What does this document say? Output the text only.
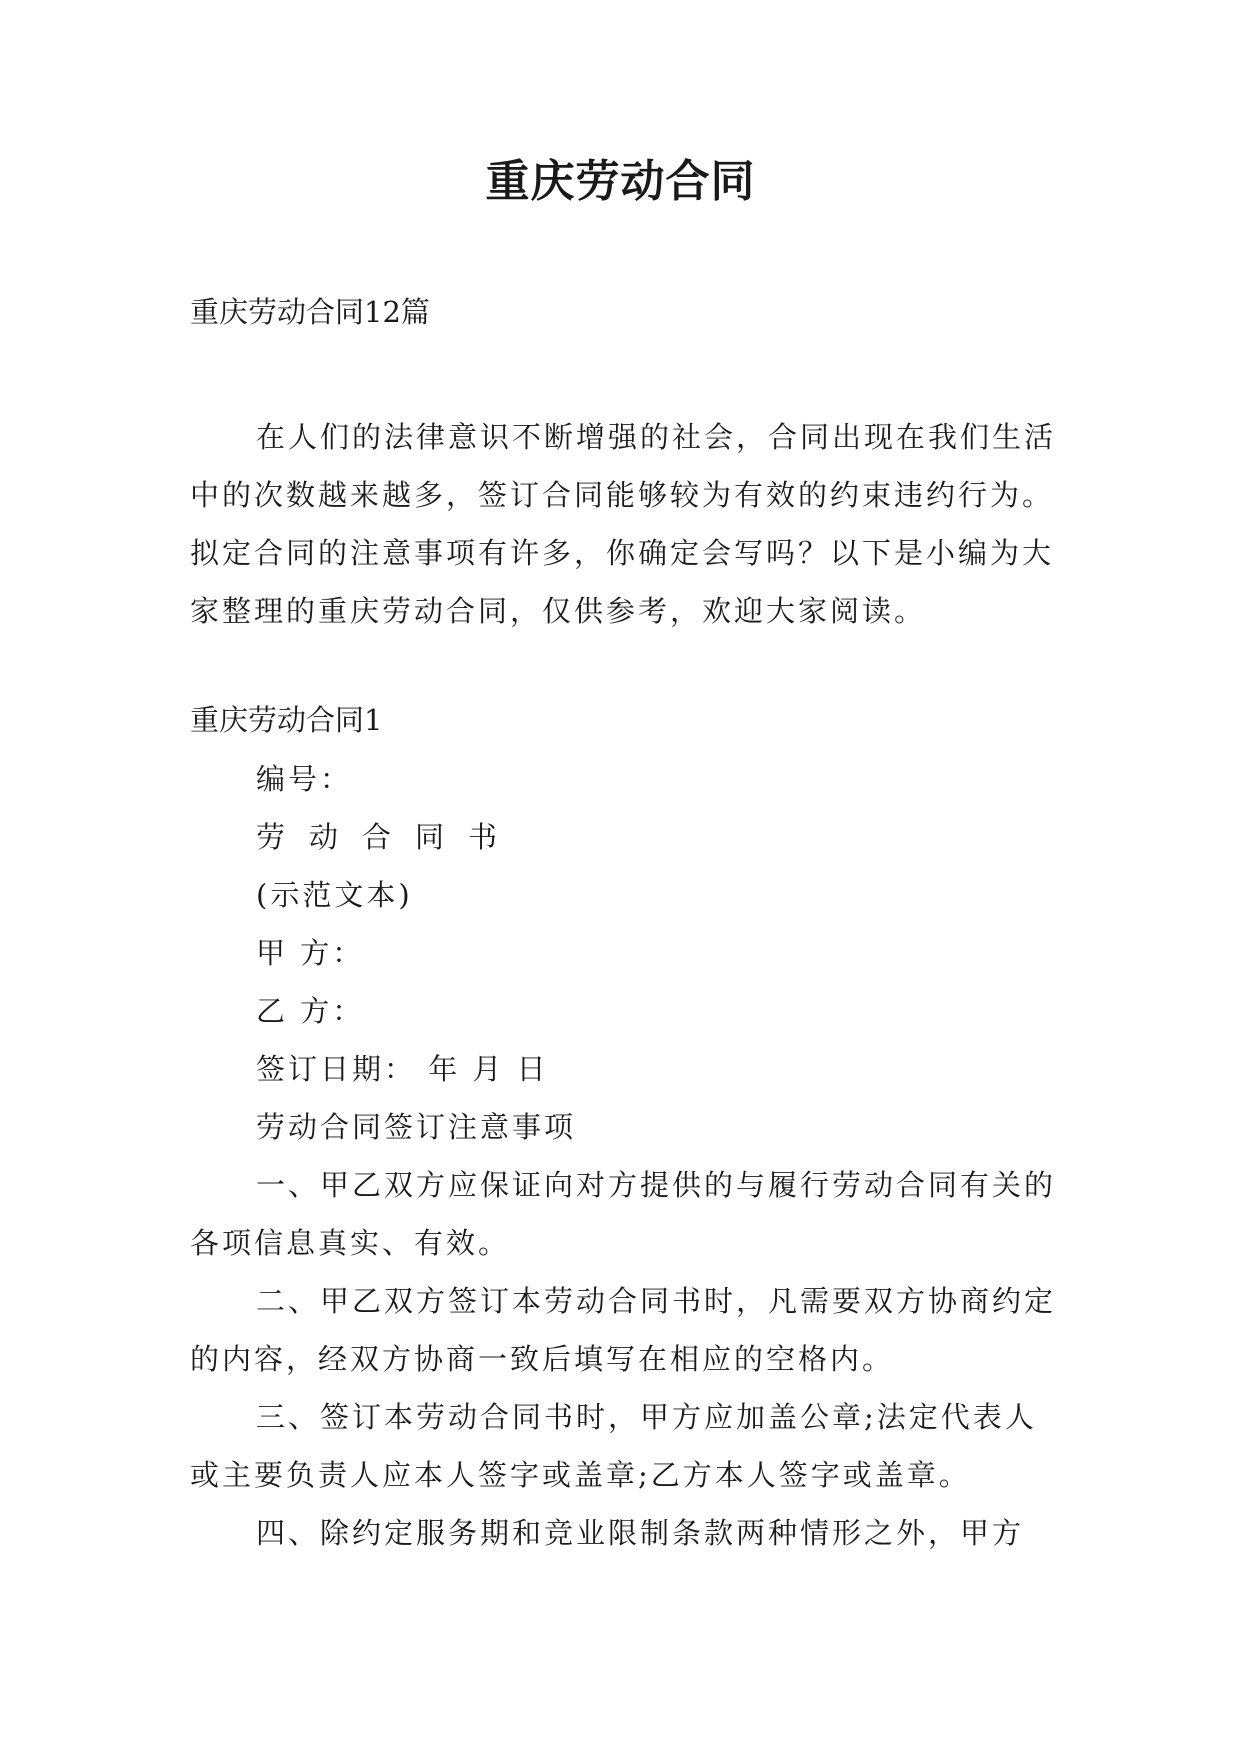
重庆劳动合同
重庆劳动合同12篇
在人们的法律意识不断增强的社会，合同出现在我们生活中的次数越来越多，签订合同能够较为有效的约束违约行为。拟定合同的注意事项有许多，你确定会写吗？以下是小编为大家整理的重庆劳动合同，仅供参考，欢迎大家阅读。
重庆劳动合同1
编号：
劳动合同书
(示范文本)
甲 方：
乙 方：
签订日期： 年 月 日
劳动合同签订注意事项
一、甲乙双方应保证向对方提供的与履行劳动合同有关的各项信息真实、有效。
二、甲乙双方签订本劳动合同书时，凡需要双方协商约定的内容，经双方协商一致后填写在相应的空格内。
三、签订本劳动合同书时，甲方应加盖公章;法定代表人或主要负责人应本人签字或盖章;乙方本人签字或盖章。
四、除约定服务期和竞业限制条款两种情形之外，甲方
